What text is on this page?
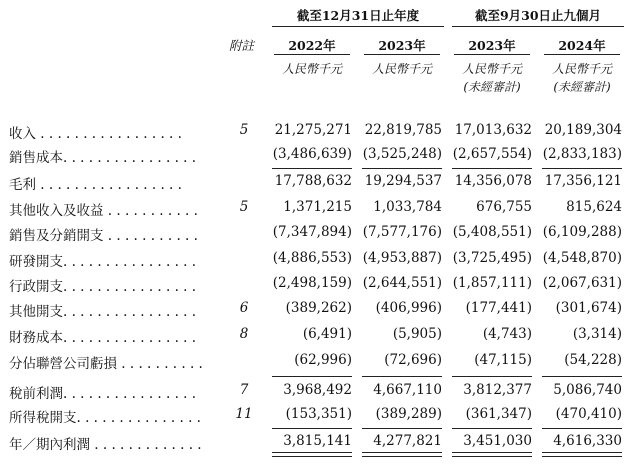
截至12月31日止年度	截至9月30日止九個月
附註	2022年	2023年	2023年	2024年
人民幣千元	人民幣千元	人民幣千元	人民幣千元
(未經審計)	(未經審計)
收入 . . . . . . . . . . . . . . . . .	5	21,275,271 22,819,785 17,013,632 20,189,304
銷售成本. . . . . . . . . . . . . . . .	(3,486,639) (3,525,248) (2,657,554) (2,833,183)
毛利 . . . . . . . . . . . . . . . . .	17,788,632 19,294,537 14,356,078 17,356,121
其他收入及收益 . . . . . . . . . . .	5	1,371,215	1,033,784	676,755	815,624
銷售及分銷開支 . . . . . . . . . . .	(7,347,894) (7,577,176) (5,408,551) (6,109,288)
研發開支. . . . . . . . . . . . . . . .	(4,886,553) (4,953,887) (3,725,495) (4,548,870)
行政開支. . . . . . . . . . . . . . . .	(2,498,159) (2,644,551) (1,857,111) (2,067,631)
其他開支. . . . . . . . . . . . . . . .	6	(389,262)	(406,996)	(177,441)	(301,674)
財務成本. . . . . . . . . . . . . . . .	8	(6,491)	(5,905)	(4,743)	(3,314)
分佔聯營公司虧損 . . . . . . . . . .	(62,996)	(72,696)	(47,115)	(54,228)
稅前利潤. . . . . . . . . . . . . . . .	7	3,968,492	4,667,110	3,812,377	5,086,740
所得稅開支. . . . . . . . . . . . . . .	11	(153,351)	(389,289)	(361,347)	(470,410)
年／期內利潤 . . . . . . . . . . . . .	3,815,141	4,277,821	3,451,030	4,616,330
